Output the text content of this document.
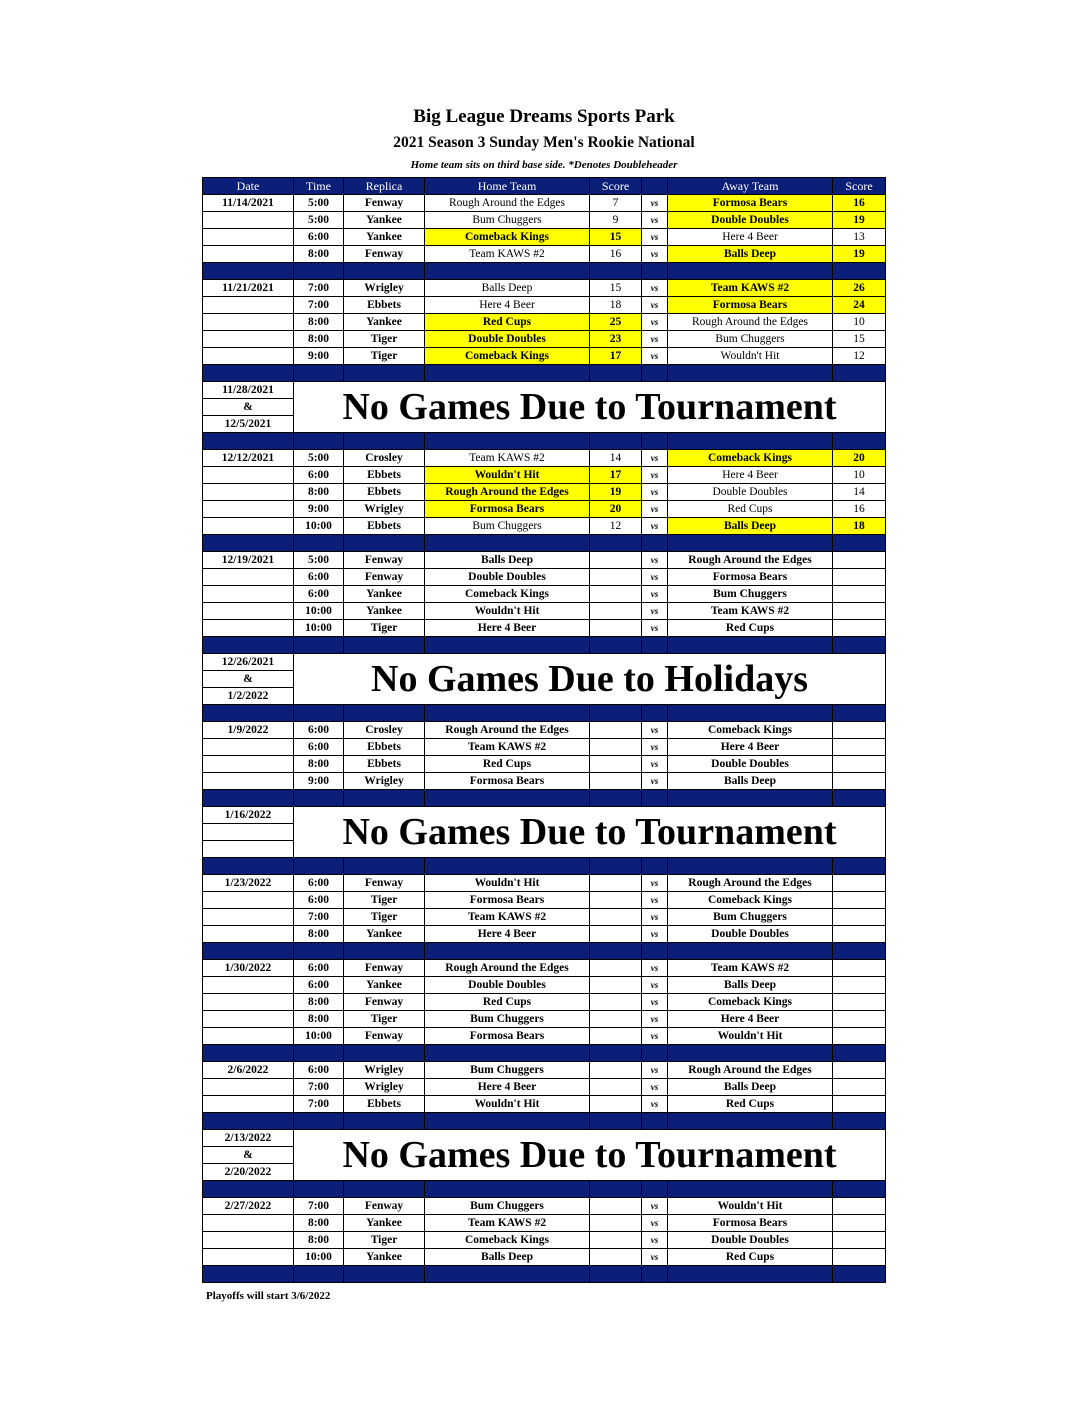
Big League Dreams Sports Park
2021 Season 3 Sunday Men's Rookie National
Home team sits on third base side. *Denotes Doubleheader
Date	Time	Replica	Home Team	Score		Away Team	Score
11/14/2021	5:00	Fenway	Rough Around the Edges	7	vs	Formosa Bears	16
	5:00	Yankee	Bum Chuggers	9	vs	Double Doubles	19
	6:00	Yankee	Comeback Kings	15	vs	Here 4 Beer	13
	8:00	Fenway	Team KAWS #2	16	vs	Balls Deep	19

11/21/2021	7:00	Wrigley	Balls Deep	15	vs	Team KAWS #2	26
	7:00	Ebbets	Here 4 Beer	18	vs	Formosa Bears	24
	8:00	Yankee	Red Cups	25	vs	Rough Around the Edges	10
	8:00	Tiger	Double Doubles	23	vs	Bum Chuggers	15
	9:00	Tiger	Comeback Kings	17	vs	Wouldn't Hit	12

11/28/2021	No Games Due to Tournament						
&							
12/5/2021							

12/12/2021	5:00	Crosley	Team KAWS #2	14	vs	Comeback Kings	20
	6:00	Ebbets	Wouldn't Hit	17	vs	Here 4 Beer	10
	8:00	Ebbets	Rough Around the Edges	19	vs	Double Doubles	14
	9:00	Wrigley	Formosa Bears	20	vs	Red Cups	16
	10:00	Ebbets	Bum Chuggers	12	vs	Balls Deep	18

12/19/2021	5:00	Fenway	Balls Deep		vs	Rough Around the Edges	
	6:00	Fenway	Double Doubles		vs	Formosa Bears	
	6:00	Yankee	Comeback Kings		vs	Bum Chuggers	
	10:00	Yankee	Wouldn't Hit		vs	Team KAWS #2	
	10:00	Tiger	Here 4 Beer		vs	Red Cups	

12/26/2021	No Games Due to Holidays						
&							
1/2/2022							

1/9/2022	6:00	Crosley	Rough Around the Edges		vs	Comeback Kings	
	6:00	Ebbets	Team KAWS #2		vs	Here 4 Beer	
	8:00	Ebbets	Red Cups		vs	Double Doubles	
	9:00	Wrigley	Formosa Bears		vs	Balls Deep	

1/16/2022	No Games Due to Tournament						

1/23/2022	6:00	Fenway	Wouldn't Hit		vs	Rough Around the Edges	
	6:00	Tiger	Formosa Bears		vs	Comeback Kings	
	7:00	Tiger	Team KAWS #2		vs	Bum Chuggers	
	8:00	Yankee	Here 4 Beer		vs	Double Doubles	

1/30/2022	6:00	Fenway	Rough Around the Edges		vs	Team KAWS #2	
	6:00	Yankee	Double Doubles		vs	Balls Deep	
	8:00	Fenway	Red Cups		vs	Comeback Kings	
	8:00	Tiger	Bum Chuggers		vs	Here 4 Beer	
	10:00	Fenway	Formosa Bears		vs	Wouldn't Hit	

2/6/2022	6:00	Wrigley	Bum Chuggers		vs	Rough Around the Edges	
	7:00	Wrigley	Here 4 Beer		vs	Balls Deep	
	7:00	Ebbets	Wouldn't Hit		vs	Red Cups	

2/13/2022	No Games Due to Tournament						
&							
2/20/2022							

2/27/2022	7:00	Fenway	Bum Chuggers		vs	Wouldn't Hit	
	8:00	Yankee	Team KAWS #2		vs	Formosa Bears	
	8:00	Tiger	Comeback Kings		vs	Double Doubles	
	10:00	Yankee	Balls Deep		vs	Red Cups	

Playoffs will start 3/6/2022
